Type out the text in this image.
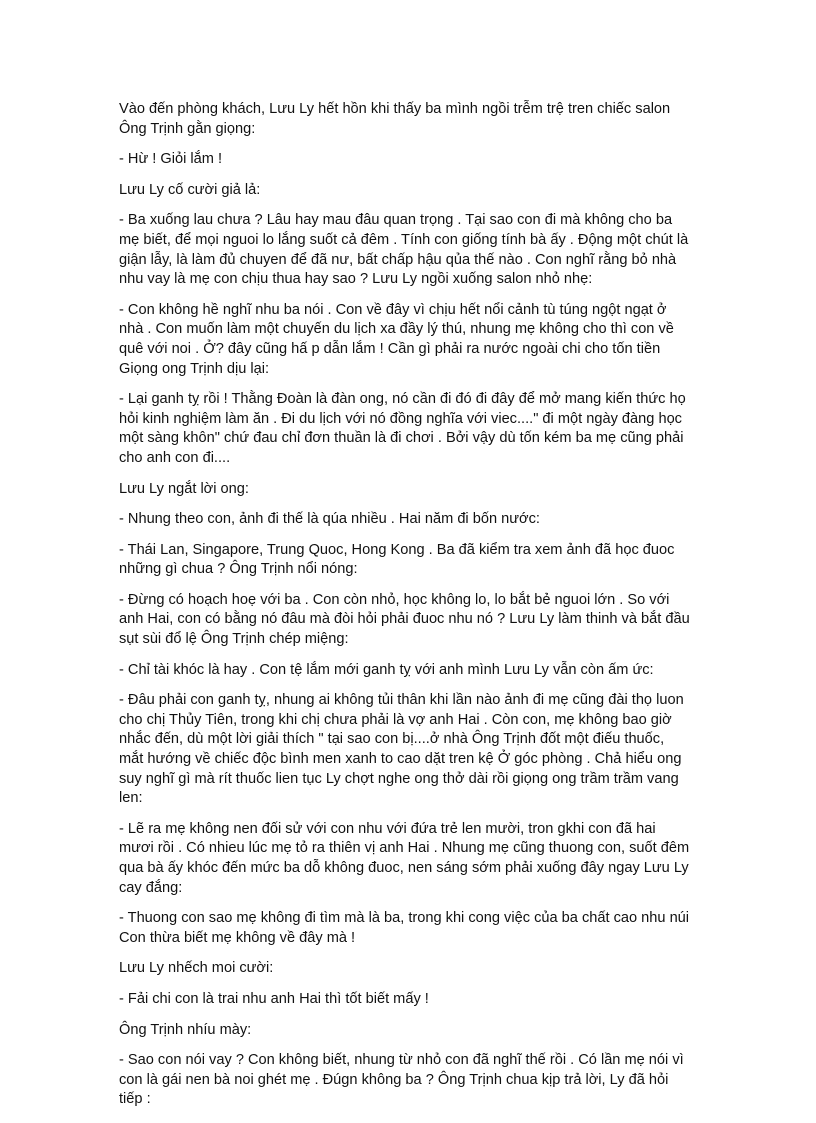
Vào đến phòng khách, Lưu Ly hết hồn khi thấy ba mình ngồi trễm trệ tren chiếc salon
Ông Trịnh gằn giọng:

- Hừ ! Giỏi lắm !

Lưu Ly cố cười giả lả:

- Ba xuống lau chưa ? Lâu hay mau đâu quan trọng . Tại sao con đi mà không cho ba
mẹ biết, để mọi nguoi lo lắng suốt cả đêm . Tính con giống tính bà ấy . Động một chút là
giận lẫy, là làm đủ chuyen để đã nư, bất chấp hậu qủa thế nào . Con nghĩ rằng bỏ nhà
nhu vay là mẹ con chịu thua hay sao ? Lưu Ly ngồi xuống salon nhỏ nhẹ:

- Con không hề nghĩ nhu ba nói . Con về đây vì chịu hết nổi cảnh tù túng ngột ngạt ở
nhà . Con muốn làm một chuyến du lịch xa đầy lý thú, nhung mẹ không cho thì con về
quê với noi . Ở? đây cũng hấ p dẫn lắm ! Cần gì phải ra nước ngoài chi cho tốn tiền
Giọng ong Trịnh dịu lại:

- Lại ganh tỵ rồi ! Thằng Đoàn là đàn ong, nó cần đi đó đi đây để mở mang kiến thức họ
hỏi kinh nghiệm làm ăn . Đi du lịch với nó đồng nghĩa với viec...." đi một ngày đàng học
một sàng khôn" chứ đau chỉ đơn thuần là đi chơi . Bởi vậy dù tốn kém ba mẹ cũng phải
cho anh con đi....

Lưu Ly ngắt lời ong:

- Nhung theo con, ảnh đi thế là qúa nhiều . Hai năm đi bốn nước:

- Thái Lan, Singapore, Trung Quoc, Hong Kong . Ba đã kiểm tra xem ảnh đã học đuoc
những gì chua ? Ông Trịnh nổi nóng:

- Đừng có hoạch hoẹ với ba . Con còn nhỏ, học không lo, lo bắt bẻ nguoi lớn . So với
anh Hai, con có bằng nó đâu mà đòi hỏi phải đuoc nhu nó ? Lưu Ly làm thinh và bắt đầu
sụt sùi đổ lệ Ông Trịnh chép miệng:

- Chỉ tài khóc là hay . Con tệ lắm mới ganh tỵ với anh mình Lưu Ly vẫn còn ấm ức:

- Đâu phải con ganh tỵ, nhung ai không tủi thân khi lần nào ảnh đi mẹ cũng đài thọ luon
cho chị Thủy Tiên, trong khi chị chưa phải là vợ anh Hai . Còn con, mẹ không bao giờ
nhắc đến, dù một lời giải thích " tại sao con bị....ở nhà Ông Trịnh đốt một điếu thuốc,
mắt hướng về chiếc độc bình men xanh to cao dặt tren kệ Ở góc phòng . Chả hiểu ong
suy nghĩ gì mà rít thuốc lien tục Ly chợt nghe ong thở dài rồi giọng ong trầm trầm vang
len:

- Lẽ ra mẹ không nen đối sử với con nhu với đứa trẻ len mười, tron gkhi con đã hai
mươi rồi . Có nhieu lúc mẹ tỏ ra thiên vị anh Hai . Nhung mẹ cũng thuong con, suốt đêm
qua bà ấy khóc đến mức ba dỗ không đuoc, nen sáng sớm phải xuống đây ngay Lưu Ly
cay đắng:

- Thuong con sao mẹ không đi tìm mà là ba, trong khi cong việc của ba chất cao nhu núi
Con thừa biết mẹ không về đây mà !

Lưu Ly nhếch moi cười:

- Fải chi con là trai nhu anh Hai thì tốt biết mấy !

Ông Trịnh nhíu mày:

- Sao con nói vay ? Con không biết, nhung từ nhỏ con đã nghĩ thế rồi . Có lần mẹ nói vì
con là gái nen bà noi ghét mẹ . Đúgn không ba ? Ông Trịnh chua kịp trả lời, Ly đã hỏi
tiếp :
